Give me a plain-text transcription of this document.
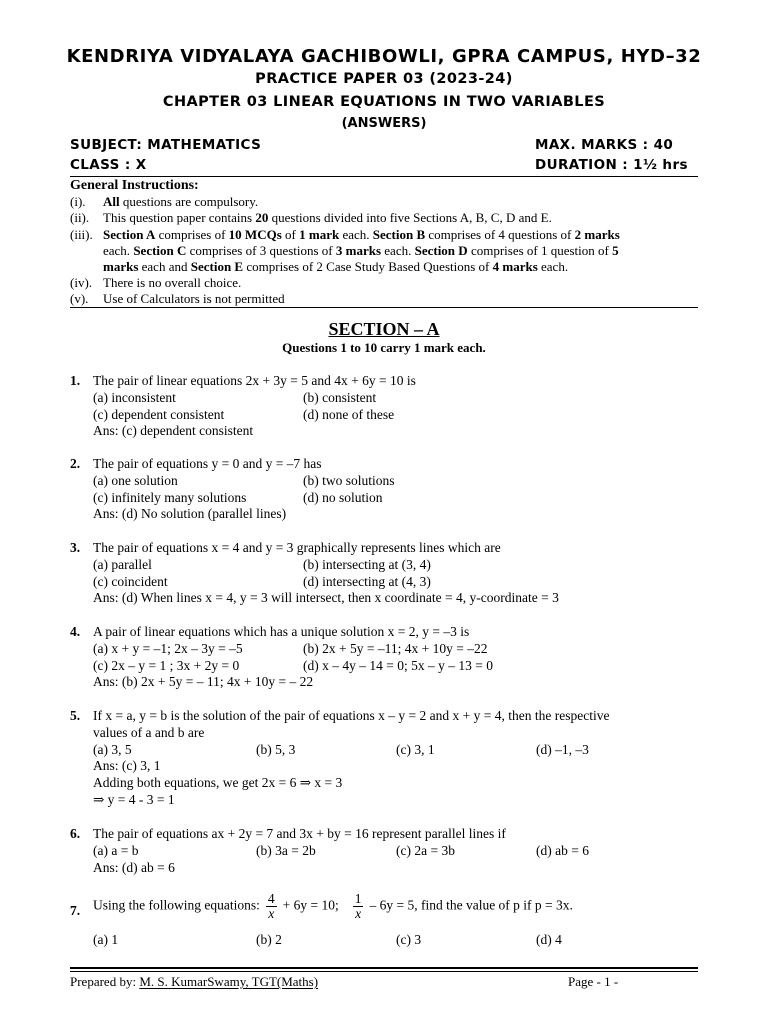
KENDRIYA VIDYALAYA GACHIBOWLI, GPRA CAMPUS, HYD–32
PRACTICE PAPER 03 (2023-24)
CHAPTER 03 LINEAR EQUATIONS IN TWO VARIABLES
(ANSWERS)
SUBJECT: MATHEMATICS	MAX. MARKS : 40
CLASS : X	DURATION : 1½ hrs
General Instructions:
(i). All questions are compulsory.
(ii). This question paper contains 20 questions divided into five Sections A, B, C, D and E.
(iii). Section A comprises of 10 MCQs of 1 mark each. Section B comprises of 4 questions of 2 marks
each. Section C comprises of 3 questions of 3 marks each. Section D comprises of 1 question of 5
marks each and Section E comprises of 2 Case Study Based Questions of 4 marks each.
(iv). There is no overall choice.
(v). Use of Calculators is not permitted
SECTION – A
Questions 1 to 10 carry 1 mark each.
1. The pair of linear equations 2x + 3y = 5 and 4x + 6y = 10 is
(a) inconsistent	(b) consistent
(c) dependent consistent	(d) none of these
Ans: (c) dependent consistent
2. The pair of equations y = 0 and y = –7 has
(a) one solution	(b) two solutions
(c) infinitely many solutions	(d) no solution
Ans: (d) No solution (parallel lines)
3. The pair of equations x = 4 and y = 3 graphically represents lines which are
(a) parallel	(b) intersecting at (3, 4)
(c) coincident	(d) intersecting at (4, 3)
Ans: (d) When lines x = 4, y = 3 will intersect, then x coordinate = 4, y-coordinate = 3
4. A pair of linear equations which has a unique solution x = 2, y = –3 is
(a) x + y = –1; 2x – 3y = –5	(b) 2x + 5y = –11; 4x + 10y = –22
(c) 2x – y = 1 ; 3x + 2y = 0	(d) x – 4y – 14 = 0; 5x – y – 13 = 0
Ans: (b) 2x + 5y = – 11; 4x + 10y = – 22
5. If x = a, y = b is the solution of the pair of equations x – y = 2 and x + y = 4, then the respective
values of a and b are
(a) 3, 5	(b) 5, 3	(c) 3, 1	(d) –1, –3
Ans: (c) 3, 1
Adding both equations, we get 2x = 6 ⇒ x = 3
⇒ y = 4 - 3 = 1
6. The pair of equations ax + 2y = 7 and 3x + by = 16 represent parallel lines if
(a) a = b	(b) 3a = 2b	(c) 2a = 3b	(d) ab = 6
Ans: (d) ab = 6
7. Using the following equations: $\frac{4}{x} + 6y = 10$; $\frac{1}{x} - 6y = 5$, find the value of p if p = 3x.
(a) 1	(b) 2	(c) 3	(d) 4
Prepared by: M. S. KumarSwamy, TGT(Maths)	Page - 1 -
